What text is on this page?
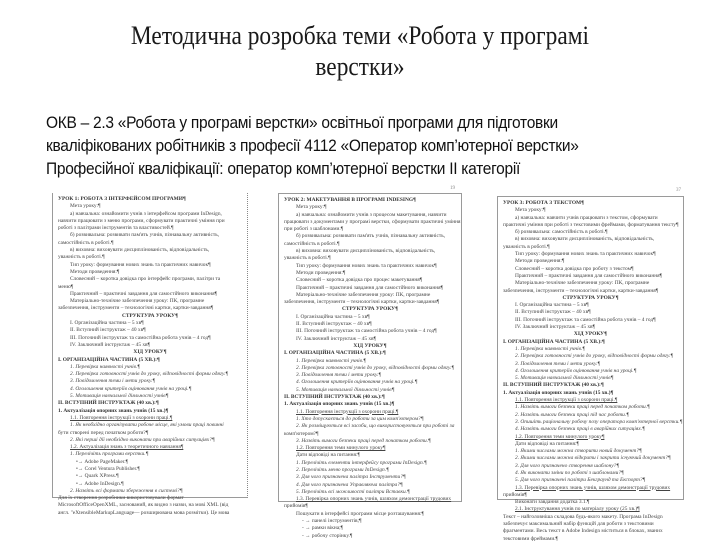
Методична розробка теми «Робота у програмі верстки»
ОКВ – 2.3 «Робота у програмі верстки» освітньої програми для підготовки
кваліфікованих робітників з професії 4112 «Оператор комп’ютерної верстки»
Професійної кваліфікації: оператор комп’ютерної верстки ІІ категорії

УРОК 1: РОБОТА З ІНТЕРФЕЙСОМ ПРОГРАМИ¶

Мета уроку:¶

а) навчальна: ознайомити учнів з інтерфейсом програми InDesign,

навчити працювати з меню програми, сформувати практичні уміння при

роботі з палітрами інструментів та властивостей.¶

б) розвивальна: розвивати пам'ять учнів, пізнавальну активність,

самостійність в роботі.¶

в) виховна: виховувати дисциплінованість, відповідальність,

уважність в роботі.¶

Тип уроку: формування нових знань та практичних навичок¶

Методи проведення:¶

Словесний – коротка довідка про інтерфейс програми, палітри та

меню¶

Практичний – практичні завдання для самостійного виконання¶

Матеріально-технічне забезпечення уроку: ПК, програмне

забезпечення, інструменти – технологічні картки, картки-завдання¶

СТРУКТУРА УРОКУ¶

I. Організаційна частина – 5 хв¶

II. Вступний інструктаж – 40 хв¶

III. Поточний інструктаж та самостійна робота учнів – 4 год¶

IV. Заключний інструктаж – 45 хв¶

ХІД УРОКУ¶

І. ОРГАНІЗАЦІЙНА ЧАСТИНА (5 ХВ.):¶

1. Перевірка наявності учнів.¶

2. Перевірка готовності учнів до уроку, відповідності форми одягу.¶

3. Повідомлення теми і мети уроку.¶

4. Оголошення критеріїв оцінювання учнів на уроці.¶

5. Мотивація навчальної діяльності учнів¶

ІІ. ВСТУПНИЙ ІНСТРУКТАЖ (40 хв.):¶

1. Актуалізація опорних знань учнів (15 хв.)¶

1.1. Повторення інструкції з охорони праці.¶

1. Як необхідно організувати робоче місце, які умови праці повинні

бути створені перед початком роботи?¶

2. Які перші дії необхідно виконати при аварійних ситуаціях?¶

1.2. Актуалізація знань з теоретичного навчання¶

1. Перелічіть програми верстки.¶

•→ Adobe PageMaker.¶

•→ Corel Ventura Publisher.¶

•→ Quark XPress.¶

•→ Adobe InDesign.¶

2. Назвіть всі формати збереження в системі?¶

Для їх створення розробники використовували формат

MicrosoftOfficeOpenXML, заснований, як видно з назви, на мові XML (від

англ. "eXtensibleMarkupLanguage— розширювана мова розмітки). Це мова

УРОК 2: МАКЕТУВАННЯ В ПРОГРАМІ INDESING¶

Мета уроку:¶

а) навчальна: ознайомити учнів з процесом макетування, навчити

працювати з документами у програмі верстки, сформувати практичні уміння

при роботі з шаблонами.¶

б) розвивальна: розвивати пам'ять учнів, пізнавальну активність,

самостійність в роботі.¶

в) виховна: виховувати дисциплінованість, відповідальність,

уважність в роботі.¶

Тип уроку: формування нових знань та практичних навичок¶

Методи проведення:¶

Словесний – коротка довідка про процес макетування¶

Практичний – практичні завдання для самостійного виконання¶

Матеріально-технічне забезпечення уроку: ПК, програмне

забезпечення, інструменти – технологічні картки, картки-завдання¶

СТРУКТУРА УРОКУ¶

I. Організаційна частина – 5 хв¶

II. Вступний інструктаж – 40 хв¶

III. Поточний інструктаж та самостійна робота учнів – 4 год¶

IV. Заключний інструктаж – 45 хв¶

ХІД УРОКУ¶

І. ОРГАНІЗАЦІЙНА ЧАСТИНА (5 ХВ.):¶

1. Перевірка наявності учнів.¶

2. Перевірка готовності учнів до уроку, відповідності форми одягу.¶

3. Повідомлення теми і мети уроку.¶

4. Оголошення критеріїв оцінювання учнів на уроці.¶

5. Мотивація навчальної діяльності учнів¶

ІІ. ВСТУПНИЙ ІНСТРУКТАЖ (40 хв.):¶

1. Актуалізація опорних знань учнів (15 хв.)¶

1.1. Повторення інструкції з охорони праці.¶

1. Хто допускається до роботи за цим комп'ютером?¶

2. Як розміщуються всі засоби, що використовуються при роботі за

комп'ютером?¶

3. Назвіть вимоги безпеки праці перед початком роботи.¶

1.2. Повторення теми минулого уроку¶

Дати відповіді на питання:¶

1. Перелічіть елементи інтерфейсу програми InDesign.¶

2. Перелічіть меню програми InDesign.¶

3. Для чого призначена палітра Інструменти?¶

4. Для чого призначена Управляюча палітра?¶

5. Перелічіть всі можливості палітри Вставки.¶

1.3. Перевірка опорних знань учнів, шляхом демонстрації трудових

прийомів¶

Пошукати в інтерфейсі програми місце розташування:¶

- → панелі інструментів;¶

- → рамки вікна;¶

- → робочу сторінку.¶

19

УРОК 3: РОБОТА З ТЕКСТОМ¶

Мета уроку:¶

а) навчальна: навчити учнів працювати з текстом, сформувати

практичні уміння при роботі з текстовими фреймами, форматування тексту¶

б) розвивальна: самостійність в роботі.¶

в) виховна: виховувати дисциплінованість, відповідальність,

уважність в роботі.¶

Тип уроку: формування нових знань та практичних навичок¶

Методи проведення:¶

Словесний – коротка довідка про роботу з текстом¶

Практичний – практичні завдання для самостійного виконання¶

Матеріально-технічне забезпечення уроку: ПК, програмне

забезпечення, інструменти – технологічні картки, картки-завдання¶

СТРУКТУРА УРОКУ¶

I. Організаційна частина – 5 хв¶

II. Вступний інструктаж – 40 хв¶

III. Поточний інструктаж та самостійна робота учнів – 4 год¶

IV. Заключний інструктаж – 45 хв¶

ХІД УРОКУ¶

І. ОРГАНІЗАЦІЙНА ЧАСТИНА (5 ХВ.):¶

1. Перевірка наявності учнів.¶

2. Перевірка готовності учнів до уроку, відповідності форми одягу.¶

3. Повідомлення теми і мети уроку.¶

4. Оголошення критеріїв оцінювання учнів на уроці.¶

5. Мотивація навчальної діяльності учнів¶

ІІ. ВСТУПНИЙ ІНСТРУКТАЖ (40 хв.):¶

1. Актуалізація опорних знань учнів (15 хв.)¶

1.1. Повторення інструкції з охорони праці.¶

1. Назвіть вимоги безпеки праці перед початком роботи.¶

2. Назвіть вимоги безпеки праці під час роботи.¶

3. Опишіть раціональну робочу позу оператора комп'ютерної верстки.¶

4. Назвіть вимоги безпеки праці в аварійних ситуаціях.¶

1.2. Повторення теми минулого уроку¶

Дати відповіді на питання:¶

1. Якими числами можна створити новий документ?¶

2. Якими числами можна відкрити і закрити існуючий документ?¶

3. Для чого призначено створення шаблону?¶

4. Як виконати зміни по роботі з шаблонами?¶

5. Для чого призначені палітри Бекграунд та Експорт?¶

1.3. Перевірка опорних знань учнів, шляхом демонстрації трудових

прийомів¶

Виконати завдання додатка 3.1.¶

2.1. Інструктування учнів по матеріалу уроку (25 хв.)¶

Текст – найголовніша складова будь-якого макету. Програма InDesign

забезпечує максимальний набір функцій для роботи з текстовими

фрагментами. Весь текст в Adobe Indesign міститься в блоках, званих

текстовими фреймами.¶

37
